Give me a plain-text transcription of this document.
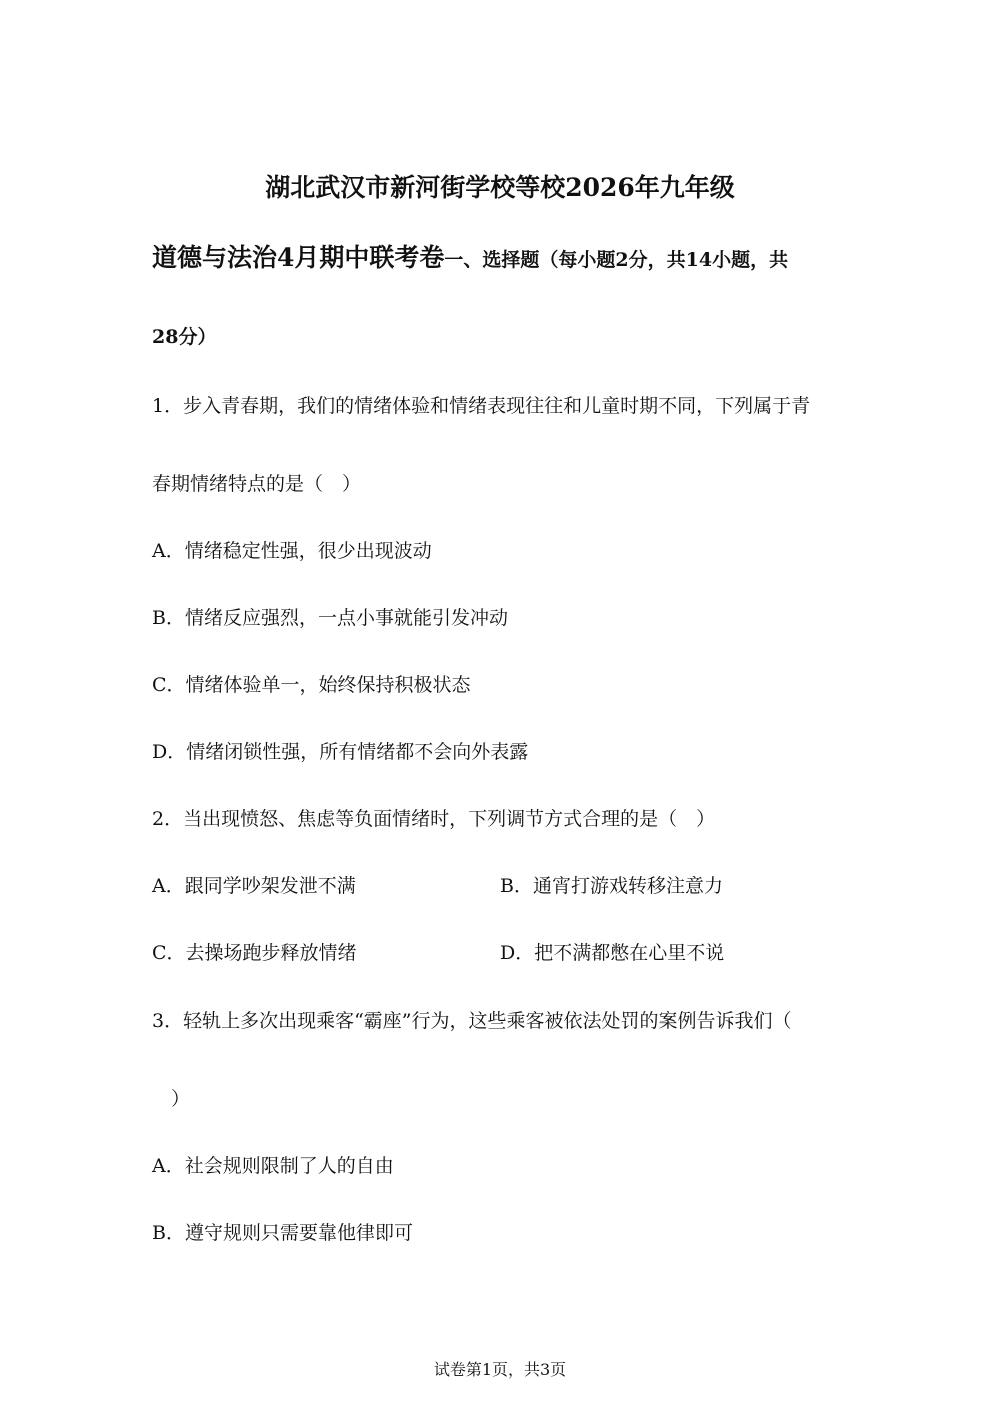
湖北武汉市新河街学校等校2026年九年级
道德与法治4月期中联考卷一、选择题（每小题2分，共14小题，共
28分）
1．步入青春期，我们的情绪体验和情绪表现往往和儿童时期不同，下列属于青
春期情绪特点的是（　）
A．情绪稳定性强，很少出现波动
B．情绪反应强烈，一点小事就能引发冲动
C．情绪体验单一，始终保持积极状态
D．情绪闭锁性强，所有情绪都不会向外表露
2．当出现愤怒、焦虑等负面情绪时，下列调节方式合理的是（　）
A．跟同学吵架发泄不满	B．通宵打游戏转移注意力
C．去操场跑步释放情绪	D．把不满都憋在心里不说
3．轻轨上多次出现乘客“霸座”行为，这些乘客被依法处罚的案例告诉我们（
　）
A．社会规则限制了人的自由
B．遵守规则只需要靠他律即可
试卷第1页，共3页
